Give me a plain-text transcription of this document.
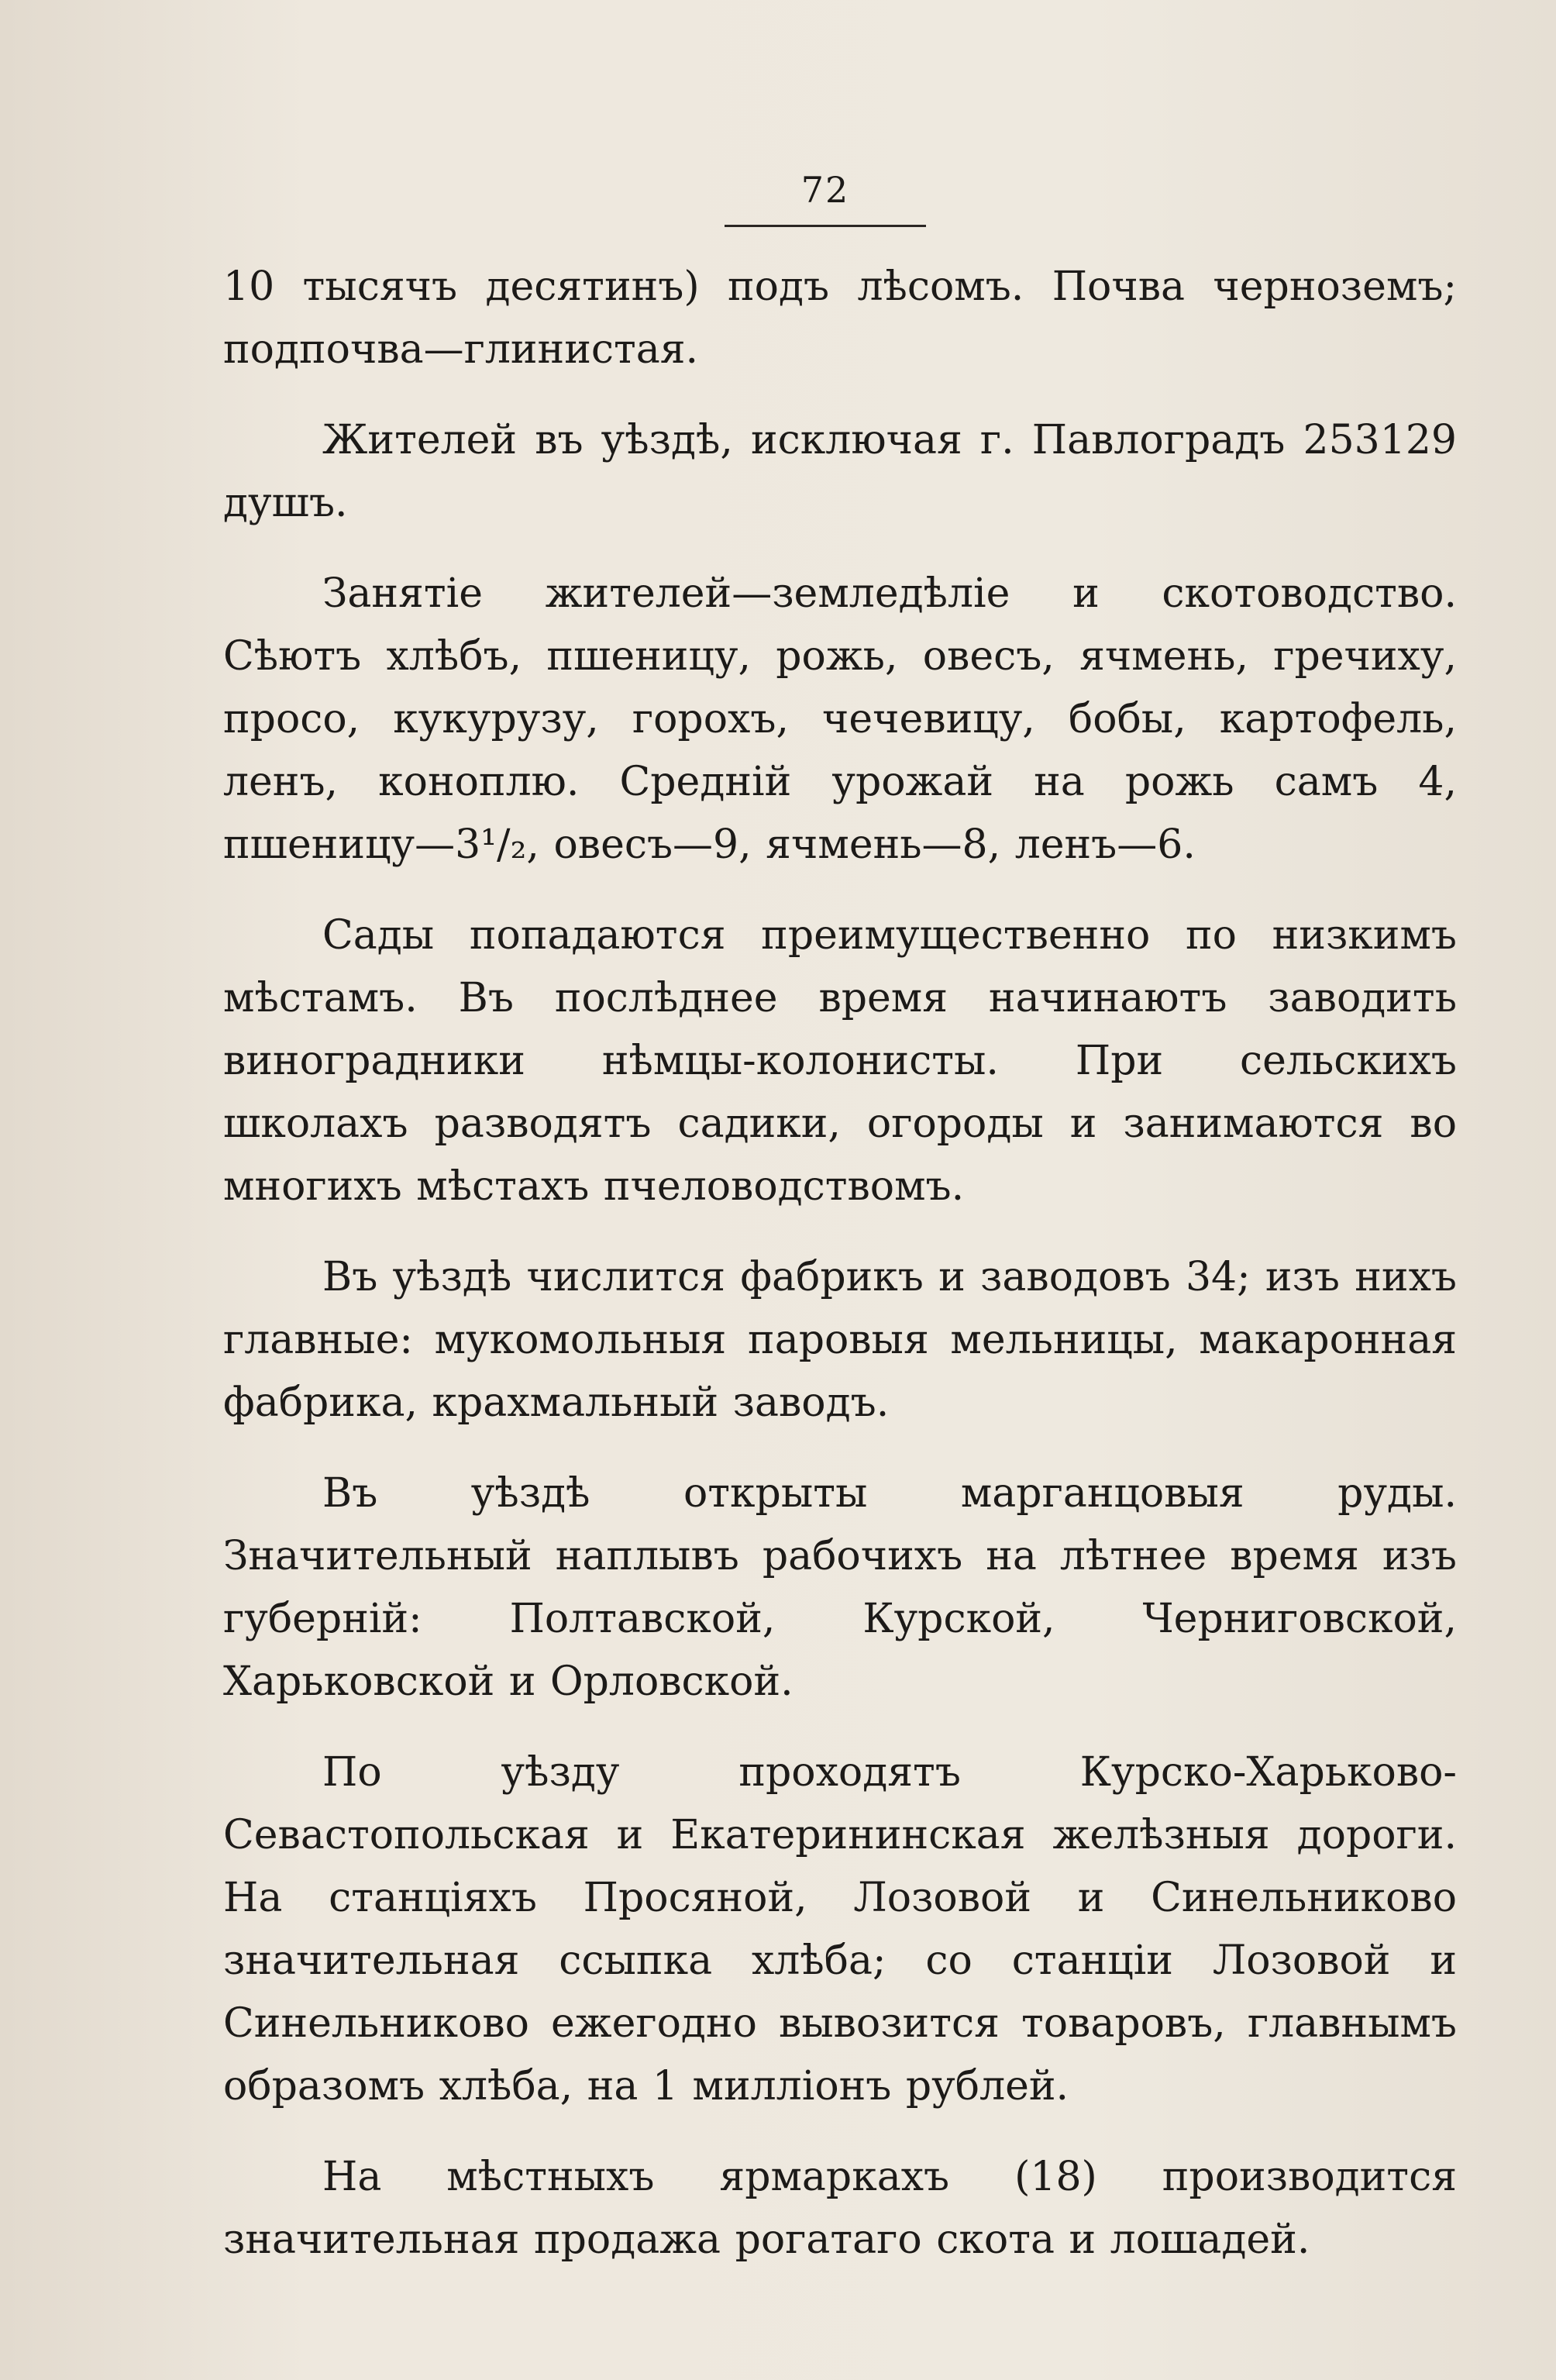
72

10 тысячъ десятинъ) подъ лѣсомъ. Почва черноземъ; подпочва—глинистая.

Жителей въ уѣздѣ, исключая г. Павлоградъ 253129 душъ.

Занятіе жителей—земледѣліе и скотоводство. Сѣютъ хлѣбъ, пшеницу, рожь, овесъ, ячмень, гречиху, просо, кукурузу, горохъ, чечевицу, бобы, картофель, ленъ, коноплю. Средній урожай на рожь самъ 4, пшеницу—3¹/₂, овесъ—9, ячмень—8, ленъ—6.

Сады попадаются преимущественно по низкимъ мѣстамъ. Въ послѣднее время начинаютъ заводить виноградники нѣмцы-колонисты. При сельскихъ школахъ разводятъ садики, огороды и занимаются во многихъ мѣстахъ пчеловодствомъ.

Въ уѣздѣ числится фабрикъ и заводовъ 34; изъ нихъ главные: мукомольныя паровыя мельницы, макаронная фабрика, крахмальный заводъ.

Въ уѣздѣ открыты марганцовыя руды. Значительный наплывъ рабочихъ на лѣтнее время изъ губерній: Полтавской, Курской, Черниговской, Харьковской и Орловской.

По уѣзду проходятъ Курско-Харьково-Севастопольская и Екатерининская желѣзныя дороги. На станціяхъ Просяной, Лозовой и Синельниково значительная ссыпка хлѣба; со станціи Лозовой и Синельниково ежегодно вывозится товаровъ, главнымъ образомъ хлѣба, на 1 милліонъ рублей.

На мѣстныхъ ярмаркахъ (18) производится значительная продажа рогатаго скота и лошадей.
